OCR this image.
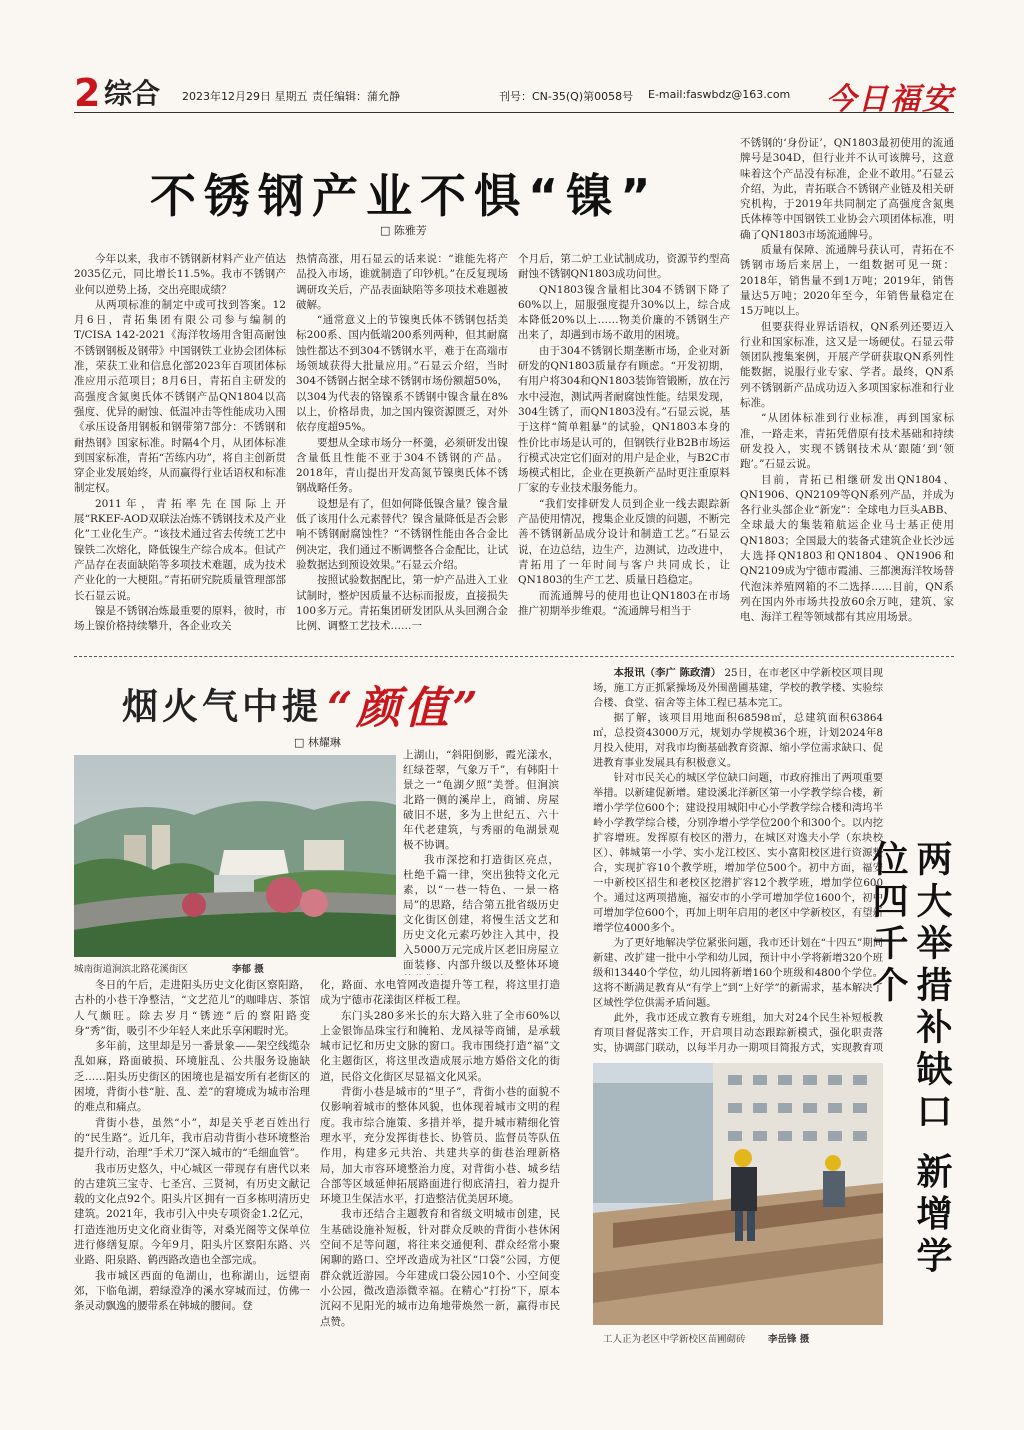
2 综合 2023年12月29日 星期五 责任编辑：蒲允静	刊号：CN-35(Q)第0058号 E-mail:faswbdz@163.com 今日福安
不锈钢产业不惧“镍”
□ 陈雅芳

今年以来，我市不锈钢新材料产业产值达2035亿元，同比增长11.5%。我市不锈钢产业何以逆势上扬，交出亮眼成绩？

从两项标准的制定中或可找到答案。12月6日，青拓集团有限公司参与编制的T/CISA 142-2021《海洋牧场用含钼高耐蚀不锈钢钢板及钢带》中国钢铁工业协会团体标准，荣获工业和信息化部2023年百项团体标准应用示范项目；8月6日，青拓自主研发的高强度含氮奥氏体不锈钢产品QN1804以高强度、优异的耐蚀、低温冲击等性能成功入围《承压设备用钢板和钢带第7部分：不锈钢和耐热钢》国家标准。时隔4个月，从团体标准到国家标准，青拓“苦练内功”，将自主创新贯穿企业发展始终，从而赢得行业话语权和标准制定权。

2011年，青拓率先在国际上开展“RKEF-AOD双联法冶炼不锈钢技术及产业化”工业化生产。“该技术通过省去传统工艺中镍铁二次熔化，降低镍生产综合成本。但试产产品存在表面缺陷等多项技术难题，成为技术产业化的一大梗阻。”青拓研究院质量管理部部长石显云说。

镍是不锈钢冶炼最重要的原料，彼时，市场上镍价格持续攀升，各企业攻关

热情高涨，用石显云的话来说：“谁能先将产品投入市场，谁就制造了印钞机。”在反复现场调研攻关后，产品表面缺陷等多项技术难题被破解。

“通常意义上的节镍奥氏体不锈钢包括美标200系、国内低端200系列两种，但其耐腐蚀性都达不到304不锈钢水平，难于在高端市场领域获得大批量应用。”石显云介绍，当时304不锈钢占据全球不锈钢市场份额超50%，以304为代表的铬镍系不锈钢中镍含量在8%以上，价格昂贵，加之国内镍资源匮乏，对外依存度超95%。

要想从全球市场分一杯羹，必须研发出镍含量低且性能不亚于304不锈钢的产品。2018年，青山提出开发高氮节镍奥氏体不锈钢战略任务。

设想是有了，但如何降低镍含量？镍含量低了该用什么元素替代？镍含量降低是否会影响不锈钢耐腐蚀性？“不锈钢性能由各合金比例决定，我们通过不断调整各合金配比，让试验数据达到预设效果。”石显云介绍。

按照试验数据配比，第一炉产品进入工业试制时，整炉因质量不达标而报废，直接损失100多万元。青拓集团研发团队从头回溯合金比例、调整工艺技术……一

个月后，第二炉工业试制成功，资源节约型高耐蚀不锈钢QN1803成功问世。

QN1803镍含量相比304不锈钢下降了60%以上，屈服强度提升30%以上，综合成本降低20%以上……物美价廉的不锈钢生产出来了，却遇到市场不敢用的困境。

由于304不锈钢长期垄断市场，企业对新研发的QN1803质量存有顾虑。“开发初期，有用户将304和QN1803装饰管锻断，放在污水中浸泡，测试两者耐腐蚀性能。结果发现，304生锈了，而QN1803没有。”石显云说，基于这样“简单粗暴”的试验，QN1803本身的性价比市场是认可的，但钢铁行业B2B市场运行模式决定它们面对的用户是企业，与B2C市场模式相比，企业在更换新产品时更注重原料厂家的专业技术服务能力。

“我们安排研发人员到企业一线去跟踪新产品使用情况，搜集企业反馈的问题，不断完善不锈钢新品成分设计和制造工艺。”石显云说，在边总结，边生产，边测试，边改进中，青拓用了一年时间与客户共同成长，让QN1803的生产工艺、质量日趋稳定。

而流通牌号的使用也让QN1803在市场推广初期举步维艰。“流通牌号相当于

不锈钢的‘身份证’，QN1803最初使用的流通牌号是304D，但行业并不认可该牌号，这意味着这个产品没有标准，企业不敢用。”石显云介绍，为此，青拓联合不锈钢产业链及相关研究机构，于2019年共同制定了高强度含氮奥氏体棒等中国钢铁工业协会六项团体标准，明确了QN1803市场流通牌号。

质量有保障、流通牌号获认可，青拓在不锈钢市场后来居上，一组数据可见一斑：2018年，销售量不到1万吨；2019年，销售量达5万吨；2020年至今，年销售量稳定在15万吨以上。

但要获得业界话语权，QN系列还要迈入行业和国家标准，这又是一场硬仗。石显云带领团队搜集案例，开展产学研获取QN系列性能数据，说服行业专家、学者。最终，QN系列不锈钢新产品成功迈入多项国家标准和行业标准。

“从团体标准到行业标准，再到国家标准，一路走来，青拓凭借原有技术基础和持续研发投入，实现不锈钢技术从‘跟随’到‘领跑’。”石显云说。

目前，青拓已相继研发出QN1804、QN1906、QN2109等QN系列产品，并成为各行业头部企业“新宠”：全球电力巨头ABB、全球最大的集装箱航运企业马士基正使用QN1803；全国最大的装备式建筑企业长沙远大选择QN1803和QN1804、QN1906和QN2109成为宁德市霞浦、三都澳海洋牧场替代泡沫养殖网箱的不二选择……目前，QN系列在国内外市场共投放60余万吨，建筑、家电、海洋工程等领域都有其应用场景。

烟火气中提 “颜值”
□ 林耀琳
城南街道涧滨北路花溪街区	李郁 摄

上湖山，“斜阳倒影，霞光漾水，红绿苍翠，气象万千”，有韩阳十景之一“龟湖夕照”美誉。但涧滨北路一侧的溪岸上，商铺、房屋破旧不堪，多为上世纪五、六十年代老建筑，与秀丽的龟湖景观极不协调。

我市深挖和打造街区亮点，杜绝千篇一律，突出独特文化元素，以“一巷一特色、一景一格局”的思路，结合第五批省级历史文化街区创建，将慢生活文艺和历史文化元素巧妙注入其中，投入5000万元完成片区老旧房屋立面装修、内部升级以及整体环境

冬日的午后，走进阳头历史文化街区察阳路，古朴的小巷干净整洁，“文艺范儿”的咖啡店、茶馆人气颇旺。除去岁月“锈迹”后的察阳路变身“秀”街，吸引不少年轻人来此乐享闲暇时光。

多年前，这里却是另一番景象——架空线缆杂乱如麻，路面破损、环境脏乱、公共服务设施缺乏……阳头历史街区的困境也是福安所有老街区的困境，背街小巷“脏、乱、差”的窘境成为城市治理的难点和痛点。

背街小巷，虽然“小”，却是关乎老百姓出行的“民生路”。近几年，我市启动背街小巷环境整治提升行动，治理“手术刀”深入城市的“毛细血管”。

我市历史悠久，中心城区一带现存有唐代以来的古建筑三宝寺、七圣宫、三贤祠，有历史文献记载的文化点92个。阳头片区拥有一百多栋明清历史建筑。2021年，我市引入中央专项资金1.2亿元，打造连池历史文化商业街等，对桑光阁等文保单位进行修缮复原。今年9月，阳头片区察阳东路、兴业路、阳泉路、鹤西路改造也全部完成。

我市城区西面的龟湖山，也称湖山，远望南郊，下临龟湖，碧绿澄净的溪水穿城而过，仿佛一条灵动飘逸的腰带系在韩城的腰间。登

化，路面、水电管网改造提升等工程，将这里打造成为宁德市花漾街区样板工程。

东门头280多米长的东大路入驻了全市60%以上金银饰品珠宝行和腌粕、龙凤禄等商铺，是承载城市记忆和历史文脉的窗口。我市围绕打造“福”文化主题街区，将这里改造成展示地方婚俗文化的街道，民俗文化街区尽显福文化风采。

背街小巷是城市的“里子”，背街小巷的面貌不仅影响着城市的整体风貌，也体现着城市文明的程度。我市综合施策、多措并举，提升城市精细化管理水平，充分发挥街巷长、协管员、监督员等队伍作用，构建多元共治、共建共享的街巷治理新格局，加大市容环境整治力度，对背街小巷、城乡结合部等区域延伸拓展路面进行彻底清扫，着力提升环境卫生保洁水平，打造整洁优美居环境。

我市还结合主题教育和省级文明城市创建，民生基础设施补短板，针对群众反映的背街小巷休闲空间不足等问题，将往来交通便利、群众经常小聚闲聊的路口、空坪改造成为社区“口袋”公园，方便群众就近游园。今年建成口袋公园10个、小空间变小公园，微改造添微幸福。在精心“打扮”下，原本沉闷不见阳光的城市边角地带焕然一新，赢得市民点赞。

本报讯（李广 陈政清） 25日，在市老区中学新校区项目现场，施工方正抓紧操场及外围凿圃基建，学校的教学楼、实验综合楼、食堂、宿舍等主体工程已基本完工。

据了解，该项目用地面积68598㎡，总建筑面积63864㎡，总投资43000万元，规划办学规模36个班，计划2024年8月投入使用，对我市均衡基础教育资源、缩小学位需求缺口、促进教育事业发展具有积极意义。

针对市民关心的城区学位缺口问题，市政府推出了两项重要举措。以新建促新增。建设溪北洋新区第一小学教学综合楼，新增小学学位600个；建设投用城阳中心小学教学综合楼和湾坞半岭小学教学综合楼，分别净增小学学位200个和300个。以内挖扩容增班。发挥原有校区的潜力，在城区对逸夫小学（东块校区）、韩城第一小学、实小龙江校区、实小富阳校区进行资源整合，实现扩容10个教学班，增加学位500个。初中方面，福安一中新校区招生和老校区挖潜扩容12个教学班，增加学位600个。通过这两项措施，福安市的小学可增加学位1600个，初中可增加学位600个，再加上明年启用的老区中学新校区，有望新增学位4000多个。

为了更好地解决学位紧张问题，我市还计划在“十四五”期间新建、改扩建一批中小学和幼儿园，预计中小学将新增320个班级和13440个学位，幼儿园将新增160个班级和4800个学位。这将不断满足教育从“有学上”到“上好学”的新需求，基本解决了区域性学位供需矛盾问题。

此外，我市还成立教育专班组，加大对24个民生补短板教育项目督促落实工作，开启项目动态跟踪新模式，强化职责落实，协调部门联动，以每半月办一期项目简报方式，实现教育项 两大举措补缺口 新增学位四千个
工人正为老区中学新校区苗圃砌砖 李岳锋 摄
